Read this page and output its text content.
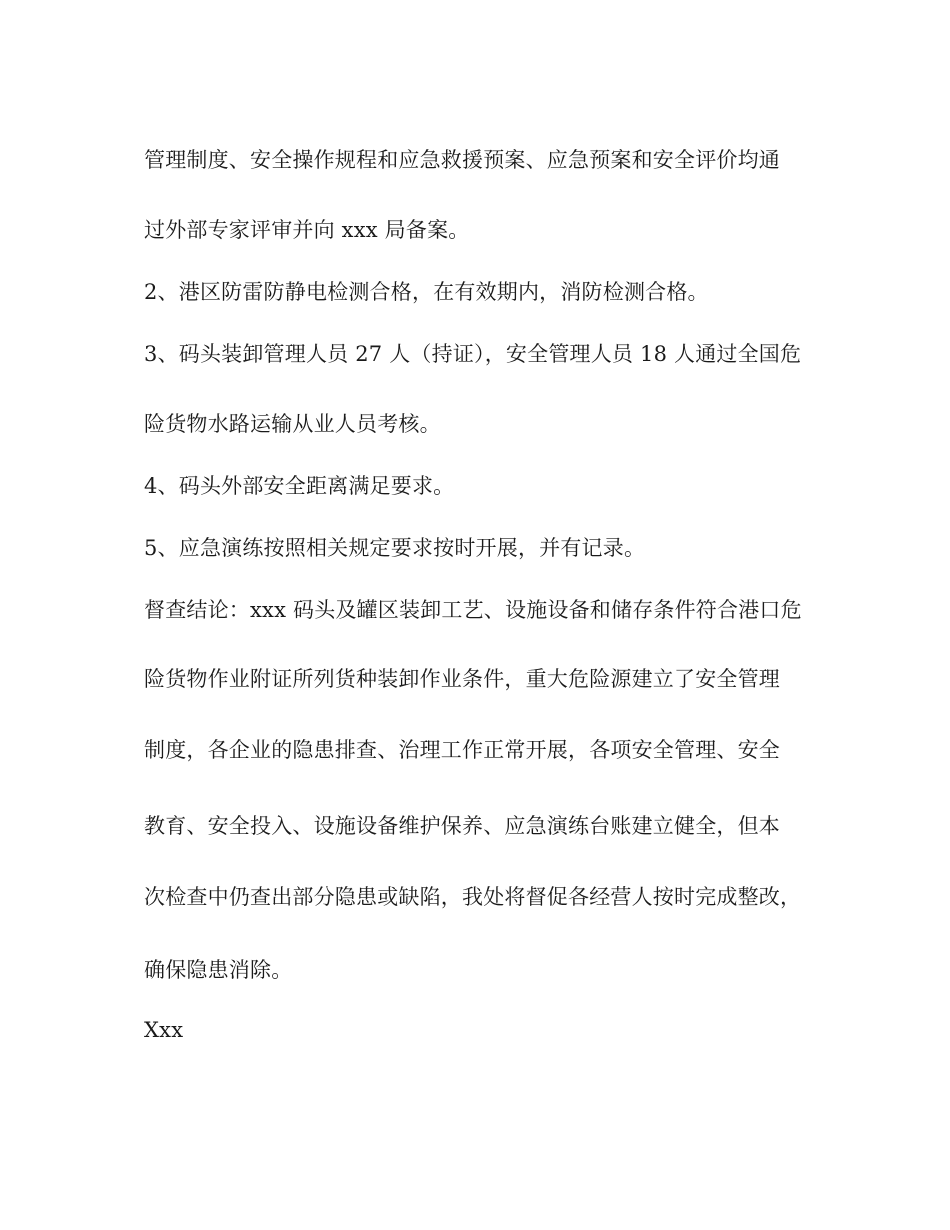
管理制度、安全操作规程和应急救援预案、应急预案和安全评价均通
过外部专家评审并向 xxx 局备案。
2、港区防雷防静电检测合格，在有效期内，消防检测合格。
3、码头装卸管理人员 27 人（持证），安全管理人员 18 人通过全国危
险货物水路运输从业人员考核。
4、码头外部安全距离满足要求。
5、应急演练按照相关规定要求按时开展，并有记录。
督查结论：xxx 码头及罐区装卸工艺、设施设备和储存条件符合港口危
险货物作业附证所列货种装卸作业条件，重大危险源建立了安全管理
制度，各企业的隐患排查、治理工作正常开展，各项安全管理、安全
教育、安全投入、设施设备维护保养、应急演练台账建立健全，但本
次检查中仍查出部分隐患或缺陷，我处将督促各经营人按时完成整改，
确保隐患消除。
Xxx
